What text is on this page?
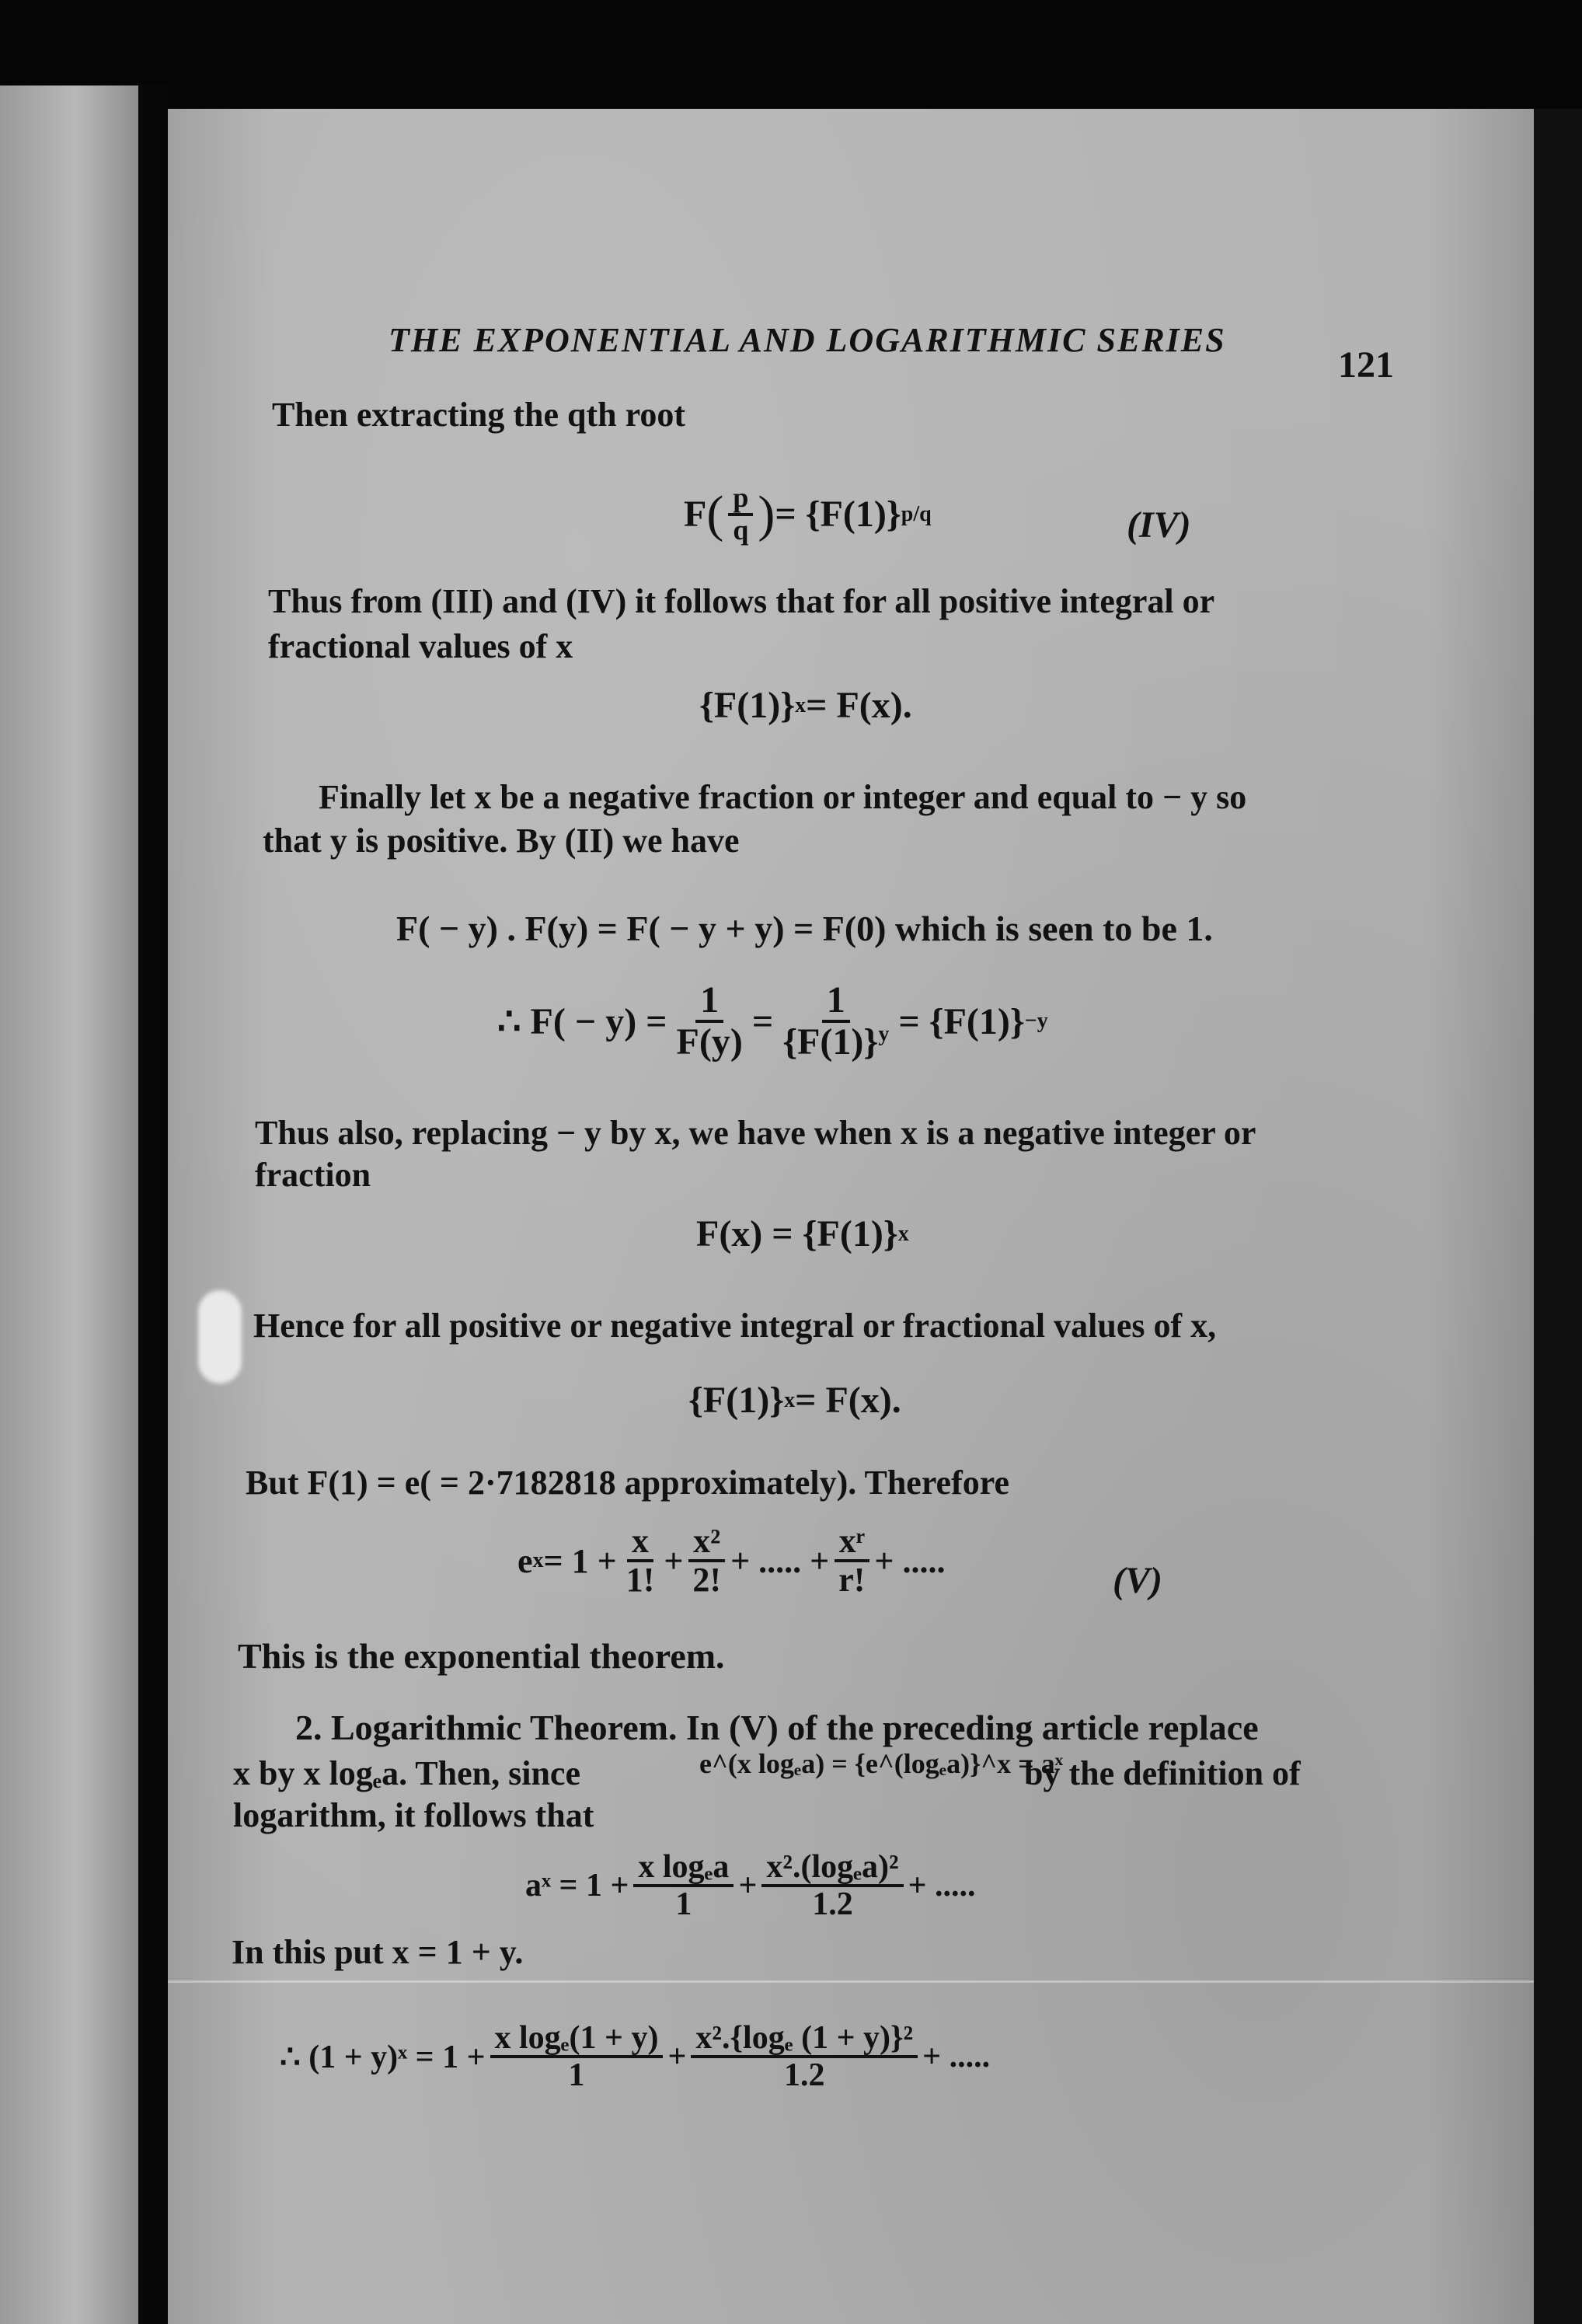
THE EXPONENTIAL AND LOGARITHMIC SERIES
121
Then extracting the qth root
F ( $\frac{p}{q}$ ) = {F(1)} p/q	(IV)
Thus from (III) and (IV) it follows that for all positive integral or
fractional values of x
{F(1)} x = F(x).
Finally let x be a negative fraction or integer and equal to − y so
that y is positive. By (II) we have
F( − y) . F(y) = F( − y + y) = F(0) which is seen to be 1.
∴ $F( - y) = \frac{1}{F(y)} = \frac{1}{\{F(1)\}^y} = \{F(1)\} -y$
Thus also, replacing − y by x, we have when x is a negative integer or
fraction
F(x) = {F(1)} x
Hence for all positive or negative integral or fractional values of x,
{F(1)} x = F(x).
But F(1) = e( = 2·7182818 approximately). Therefore
e $x = 1 + \frac{x}{1!} + \frac{\text{x²}}{2!}$ + ..... + $\frac{\text{xʳ}}{r!}$ + .....	(V)
This is the exponential theorem.
2. Logarithmic Theorem. In (V) of the preceding article replace
x by x logₑa. Then, since	e^(x logₑa) = {e^(logₑa)}^x = aˣ
by the definition of
logarithm, it follows that
aˣ = $1 + \frac{\text{x logₑa}}{1} + \frac{\text{x².(logₑa)²}}{1.2}$ + .....
In this put x = 1 + y.
∴ (1 + y)ˣ = $1 + \frac{\text{x logₑ(1 + y)}}{1} + \frac{\text{x².\{logₑ (1 + y)\}²}}{1.2}$ + .....
